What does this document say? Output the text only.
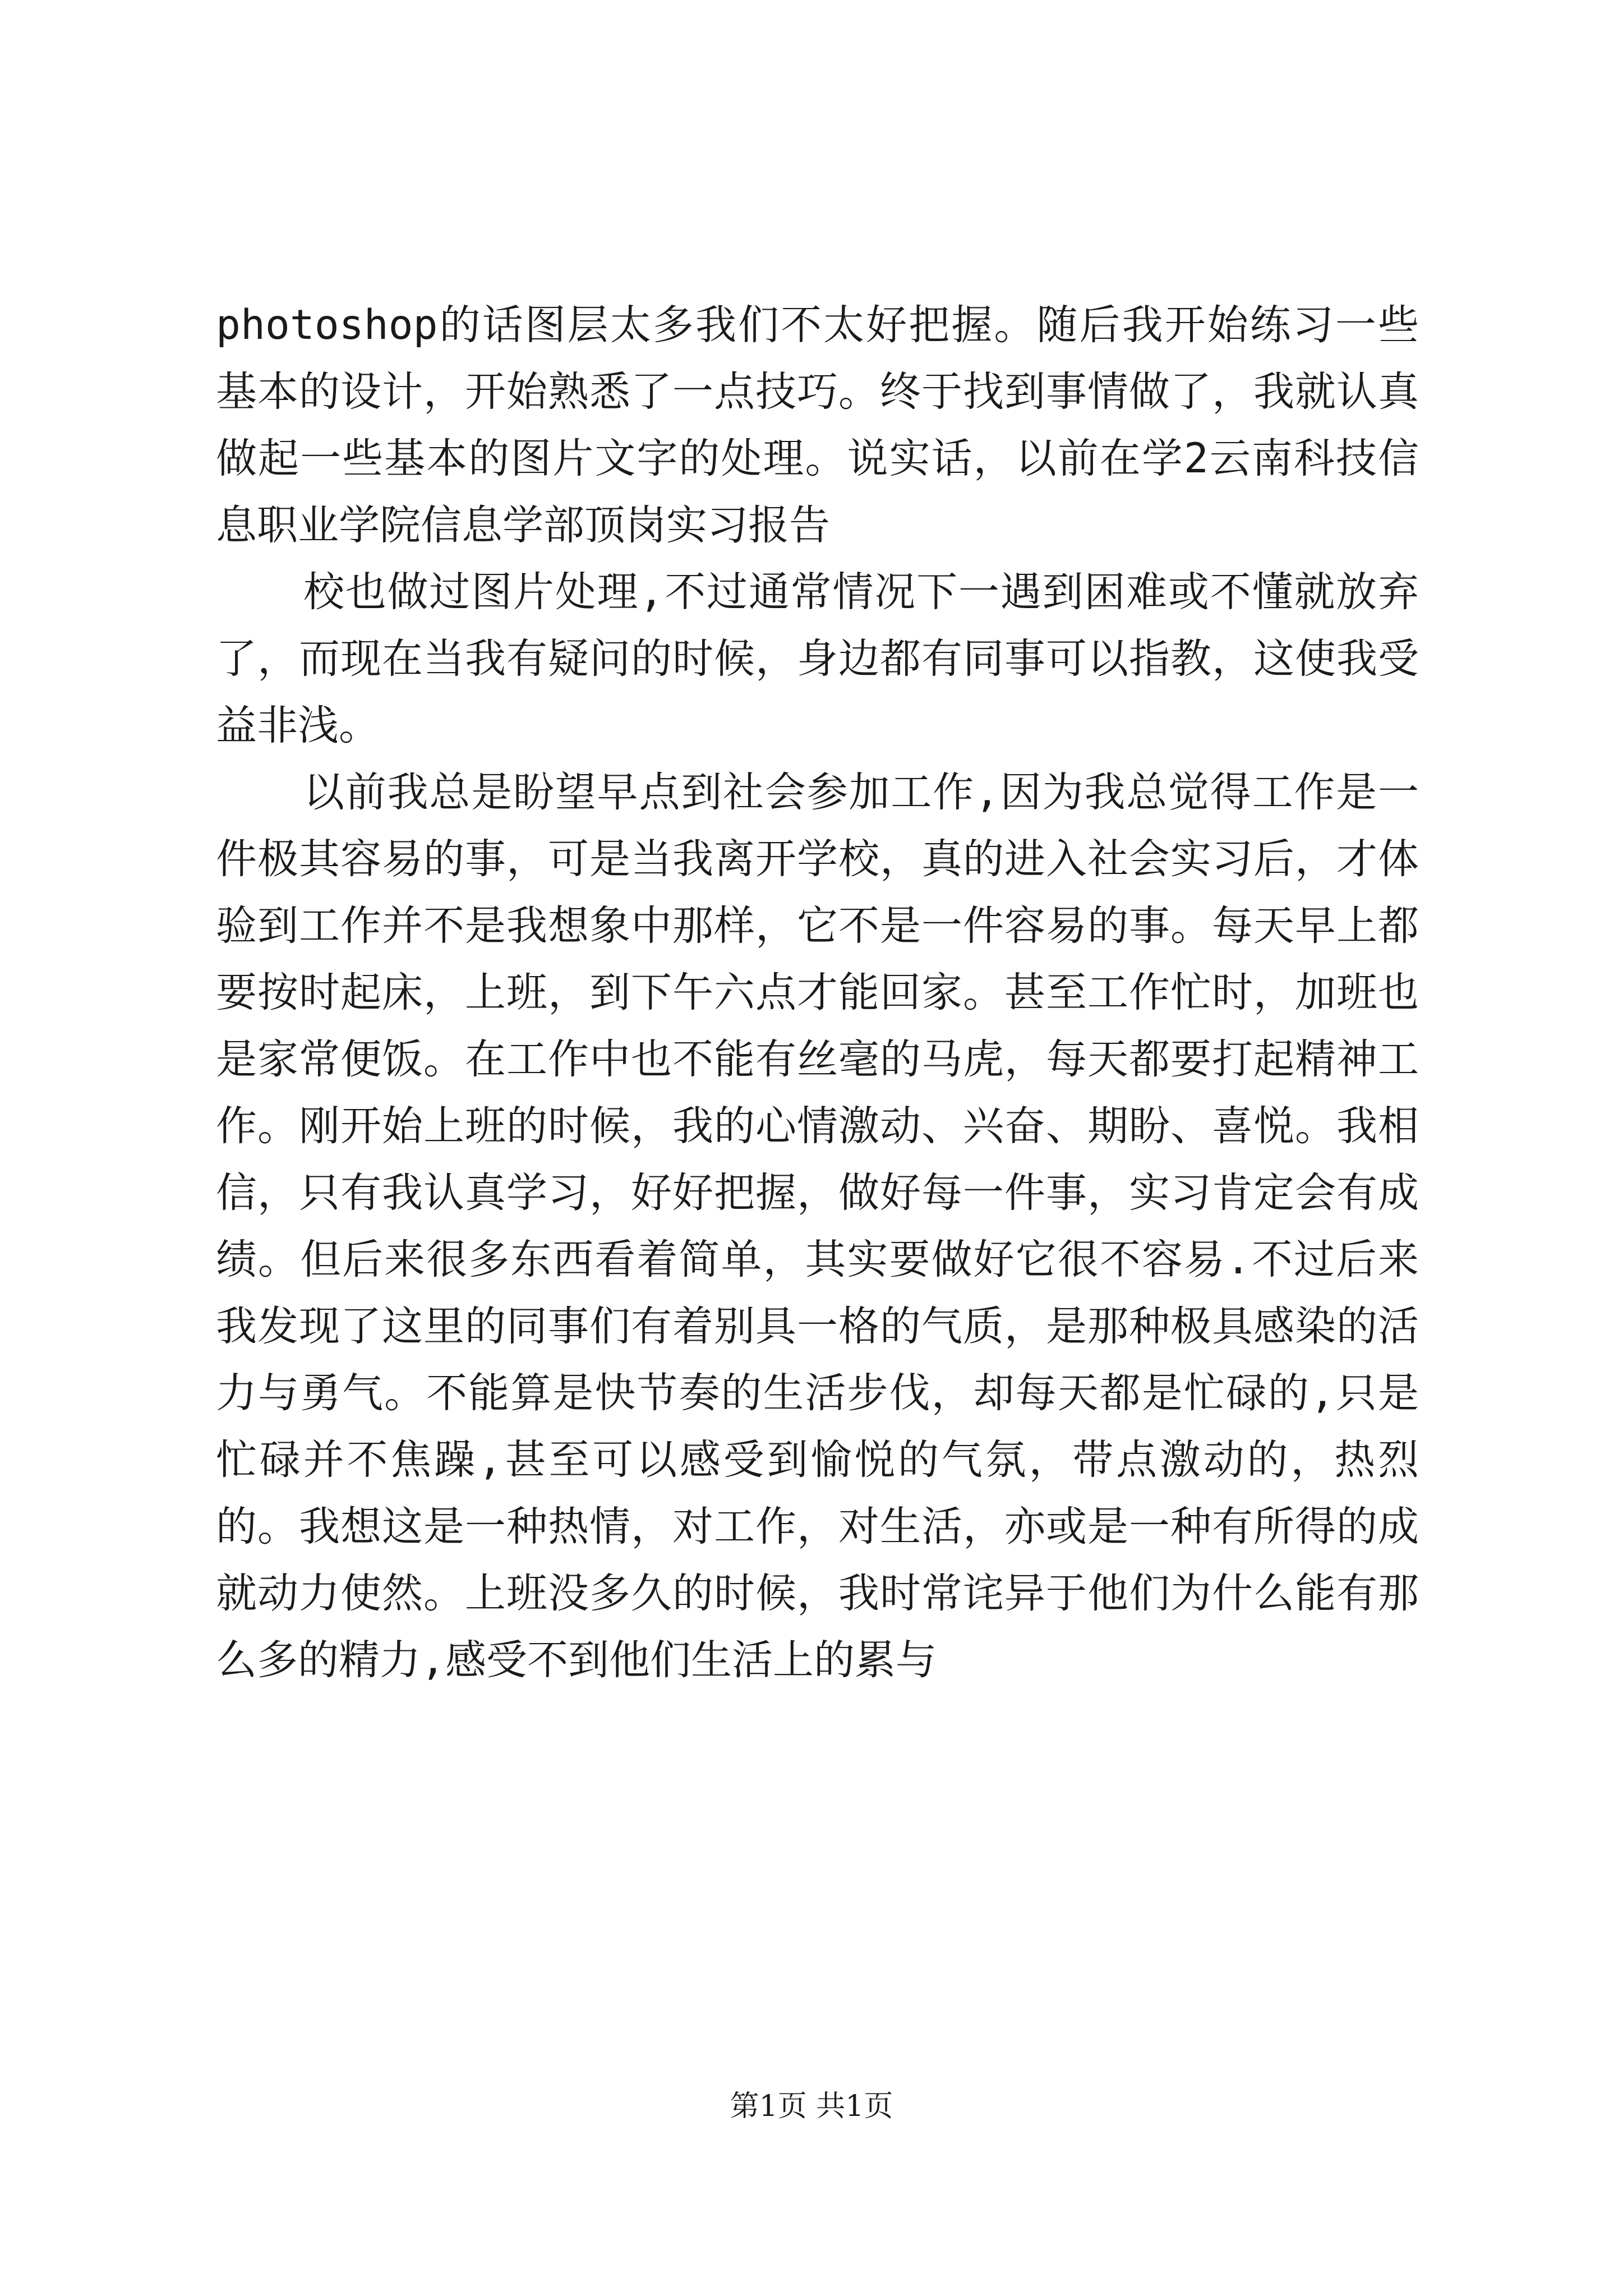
photoshop的话图层太多我们不太好把握。随后我开始练习一些基本的设计，开始熟悉了一点技巧。终于找到事情做了，我就认真做起一些基本的图片文字的处理。说实话，以前在学2云南科技信息职业学院信息学部顶岗实习报告

校也做过图片处理,不过通常情况下一遇到困难或不懂就放弃了，而现在当我有疑问的时候，身边都有同事可以指教，这使我受益非浅。

以前我总是盼望早点到社会参加工作,因为我总觉得工作是一件极其容易的事，可是当我离开学校，真的进入社会实习后，才体验到工作并不是我想象中那样，它不是一件容易的事。每天早上都要按时起床，上班，到下午六点才能回家。甚至工作忙时，加班也是家常便饭。在工作中也不能有丝毫的马虎，每天都要打起精神工作。刚开始上班的时候，我的心情激动、兴奋、期盼、喜悦。我相信，只有我认真学习，好好把握，做好每一件事，实习肯定会有成绩。但后来很多东西看着简单，其实要做好它很不容易.不过后来我发现了这里的同事们有着别具一格的气质，是那种极具感染的活力与勇气。不能算是快节奏的生活步伐，却每天都是忙碌的,只是忙碌并不焦躁,甚至可以感受到愉悦的气氛，带点激动的，热烈的。我想这是一种热情，对工作，对生活，亦或是一种有所得的成就动力使然。上班没多久的时候，我时常诧异于他们为什么能有那么多的精力,感受不到他们生活上的累与

第1页 共1页
